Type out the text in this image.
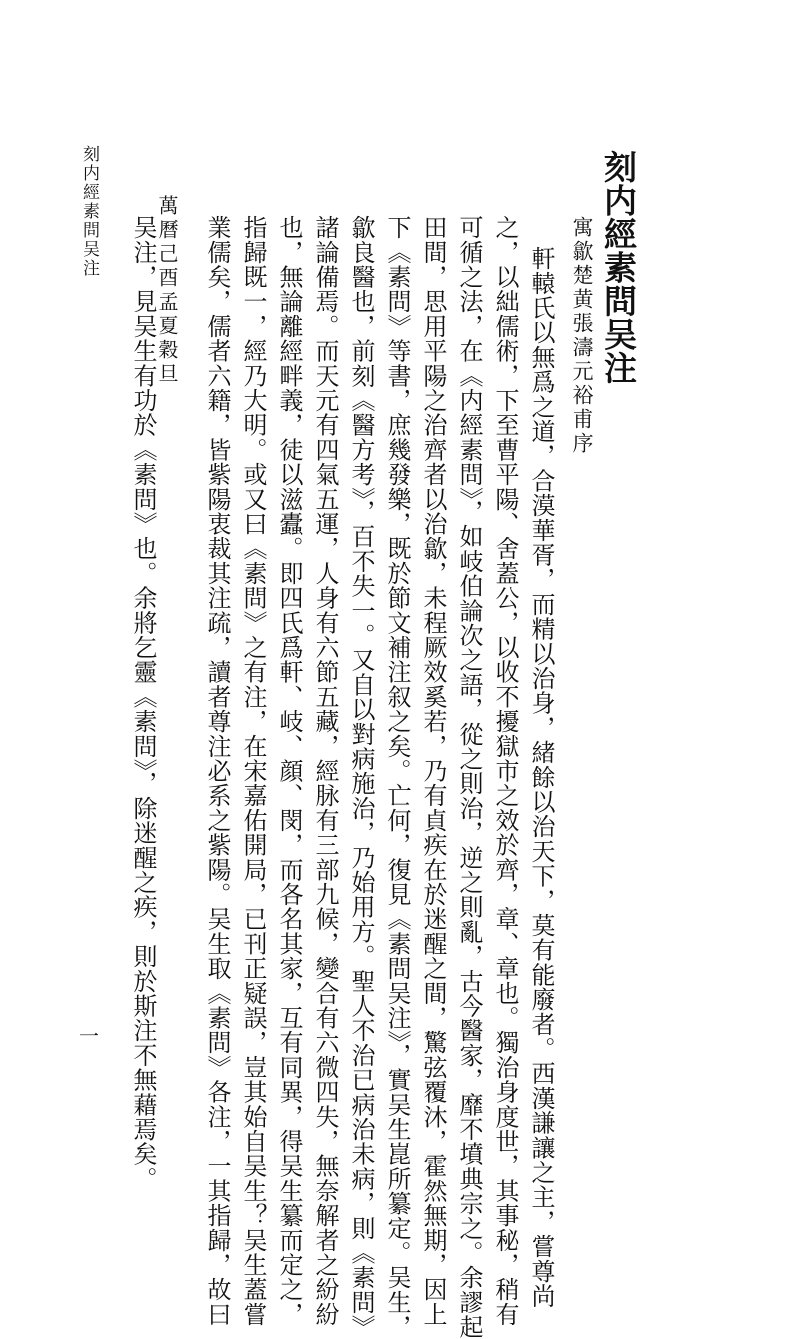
刻内經素問吴注
寓歙楚黄張濤元裕甫序
軒轅氏以無爲之道，合漠華胥，而精以治身，緒餘以治天下，莫有能廢者。西漢謙讓之主，嘗尊尚
之，以絀儒術，下至曹平陽、舍蓋公，以收不擾獄市之效於齊，章、章也。獨治身度世，其事秘，稍有
可循之法，在《内經素問》，如岐伯論次之語，從之則治，逆之則亂，古今醫家，靡不墳典宗之。余謬起
田間，思用平陽之治齊者以治歙，未程厥效奚若，乃有貞疾在於迷醒之間，驚弦覆沐，霍然無期，因上
下《素問》等書，庶幾發樂，既於節文補注叙之矣。亡何，復見《素問吴注》，實吴生崑所纂定。吴生，
歙良醫也，前刻《醫方考》，百不失一。又自以對病施治，乃始用方。聖人不治已病治未病，則《素問》
諸論備焉。而天元有四氣五運，人身有六節五藏，經脉有三部九候，變合有六微四失，無奈解者之紛紛
也，無論離經畔義，徒以滋蠹。即四氏爲軒、岐、顔、閔，而各名其家，互有同異，得吴生纂而定之，
指歸既一，經乃大明。或又曰《素問》之有注，在宋嘉佑開局，已刊正疑誤，豈其始自吴生？吴生蓋嘗
業儒矣，儒者六籍，皆紫陽衷裁其注疏，讀者尊注必系之紫陽。吴生取《素問》各注，一其指歸，故曰
萬曆己酉孟夏穀旦
吴注，見吴生有功於《素問》也。余將乞靈《素問》，除迷醒之疾，則於斯注不無藉焉矣。
刻内經素問吴注
一
